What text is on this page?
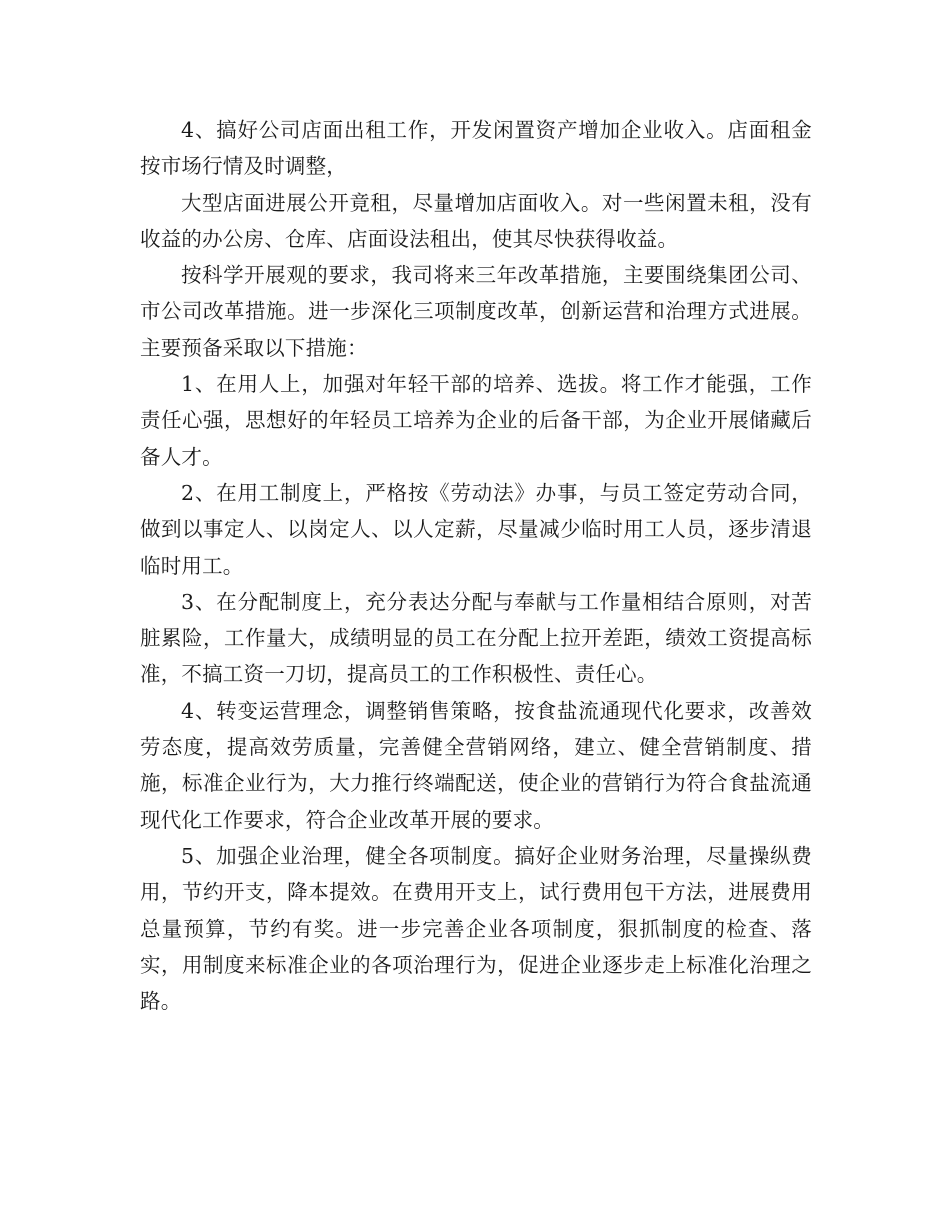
4、搞好公司店面出租工作，开发闲置资产增加企业收入。店面租金按市场行情及时调整，

大型店面进展公开竟租，尽量增加店面收入。对一些闲置未租，没有收益的办公房、仓库、店面设法租出，使其尽快获得收益。

按科学开展观的要求，我司将来三年改革措施，主要围绕集团公司、市公司改革措施。进一步深化三项制度改革，创新运营和治理方式进展。主要预备采取以下措施：

1、在用人上，加强对年轻干部的培养、选拔。将工作才能强，工作责任心强，思想好的年轻员工培养为企业的后备干部，为企业开展储藏后备人才。

2、在用工制度上，严格按《劳动法》办事，与员工签定劳动合同，做到以事定人、以岗定人、以人定薪，尽量减少临时用工人员，逐步清退临时用工。

3、在分配制度上，充分表达分配与奉献与工作量相结合原则，对苦脏累险，工作量大，成绩明显的员工在分配上拉开差距，绩效工资提高标准，不搞工资一刀切，提高员工的工作积极性、责任心。

4、转变运营理念，调整销售策略，按食盐流通现代化要求，改善效劳态度，提高效劳质量，完善健全营销网络，建立、健全营销制度、措施，标准企业行为，大力推行终端配送，使企业的营销行为符合食盐流通现代化工作要求，符合企业改革开展的要求。

5、加强企业治理，健全各项制度。搞好企业财务治理，尽量操纵费用，节约开支，降本提效。在费用开支上，试行费用包干方法，进展费用总量预算，节约有奖。进一步完善企业各项制度，狠抓制度的检查、落实，用制度来标准企业的各项治理行为，促进企业逐步走上标准化治理之路。
